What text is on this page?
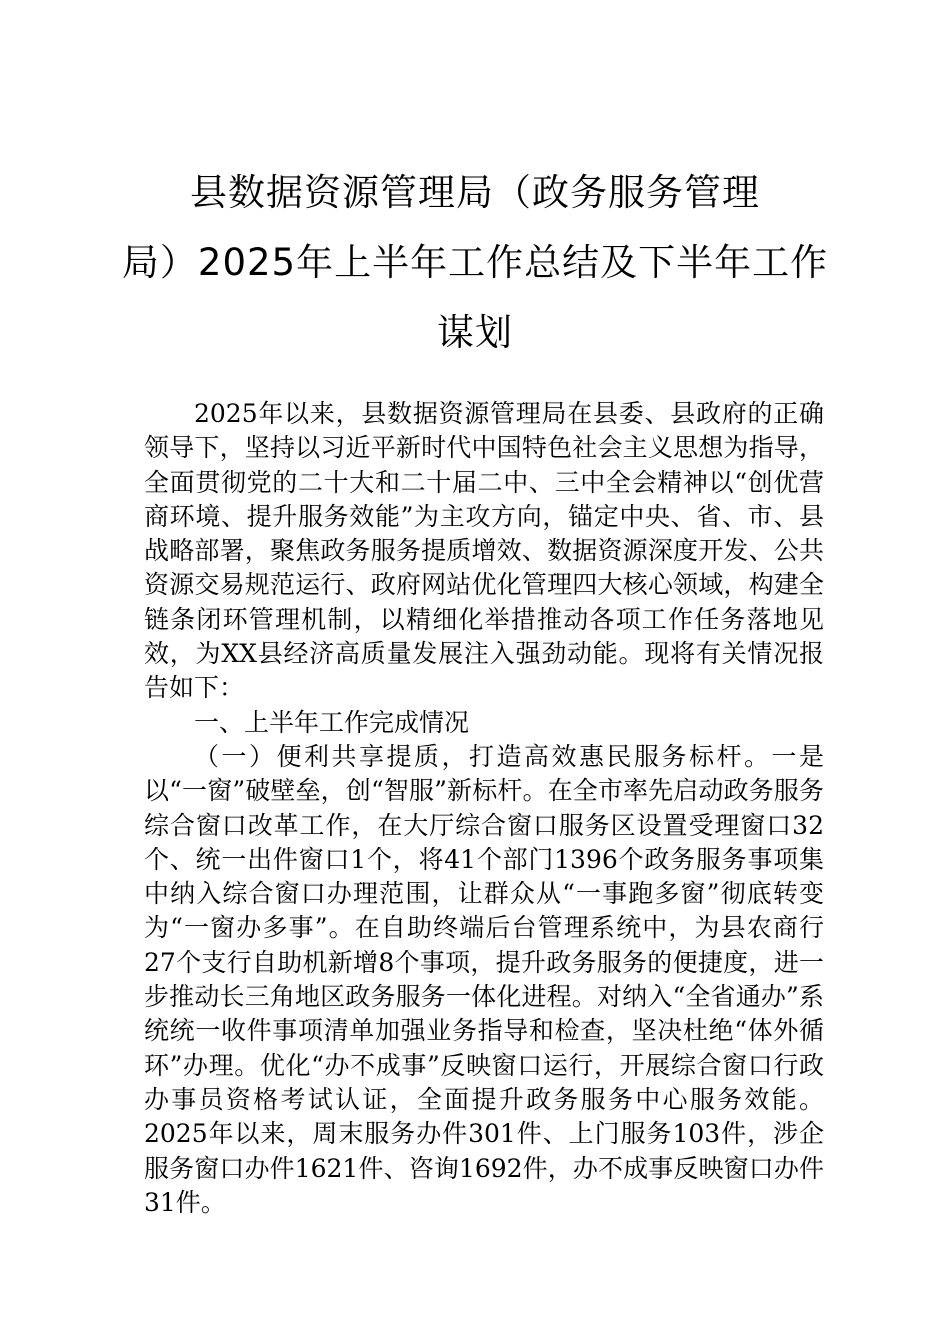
县数据资源管理局（政务服务管理
局）2025年上半年工作总结及下半年工作
谋划

2025年以来，县数据资源管理局在县委、县政府的正确领导下，坚持以习近平新时代中国特色社会主义思想为指导，全面贯彻党的二十大和二十届二中、三中全会精神以“创优营商环境、提升服务效能”为主攻方向，锚定中央、省、市、县战略部署，聚焦政务服务提质增效、数据资源深度开发、公共资源交易规范运行、政府网站优化管理四大核心领域，构建全链条闭环管理机制，以精细化举措推动各项工作任务落地见效，为XX县经济高质量发展注入强劲动能。现将有关情况报告如下：

一、上半年工作完成情况

（一）便利共享提质，打造高效惠民服务标杆。一是以“一窗”破壁垒，创“智服”新标杆。在全市率先启动政务服务综合窗口改革工作，在大厅综合窗口服务区设置受理窗口32个、统一出件窗口1个，将41个部门1396个政务服务事项集中纳入综合窗口办理范围，让群众从“一事跑多窗”彻底转变为“一窗办多事”。在自助终端后台管理系统中，为县农商行27个支行自助机新增8个事项，提升政务服务的便捷度，进一步推动长三角地区政务服务一体化进程。对纳入“全省通办”系统统一收件事项清单加强业务指导和检查，坚决杜绝“体外循环”办理。优化“办不成事”反映窗口运行，开展综合窗口行政办事员资格考试认证，全面提升政务服务中心服务效能。2025年以来，周末服务办件301件、上门服务103件，涉企服务窗口办件1621件、咨询1692件，办不成事反映窗口办件31件。
